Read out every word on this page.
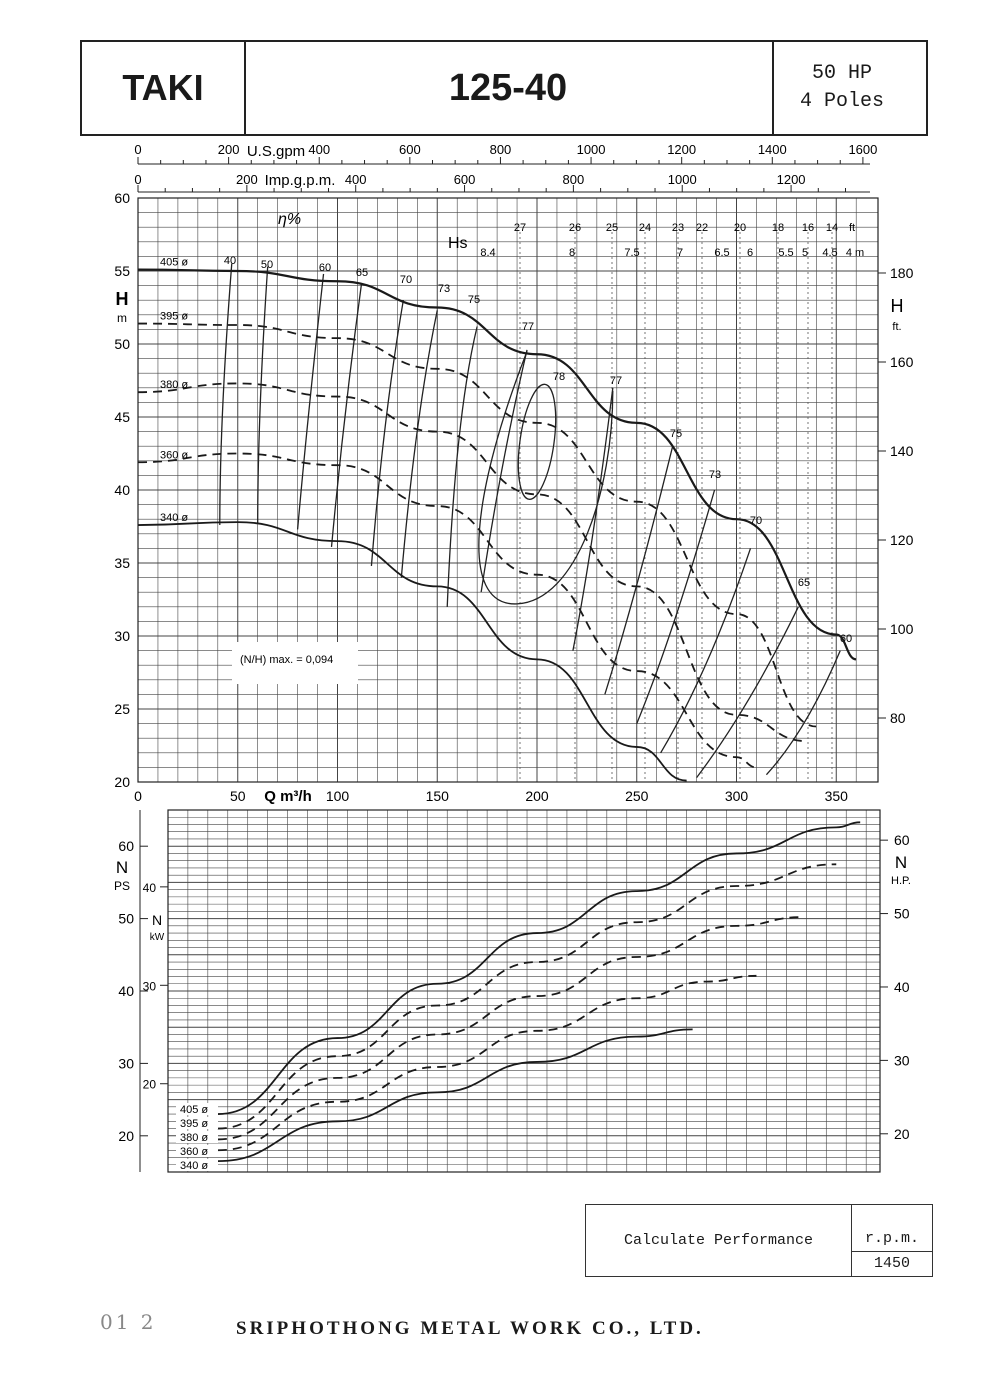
TAKI	125-40	50 HP
4 Poles
20
25
30
35
40
45
50
55
60
80
100
120
140
160
180
H
m
H
ft.
0	50	100	150	200	250	300	350
Q m³/h
0	200	400	600	800	1000	1200	1400	1600
U.S.gpm
0	200	400	600	800	1000	1200
Imp.g.p.m.
η%
Hs
27	26 25 24 23 22 20 18 16 14 ft
8.4	8	7.5	7	6.5 6 5.5 5 4.5 4 m
(N/H) max. = 0,094
40 50	60 65
70
73
75
77
78	77
75
73
70
65
60
405 ø
395 ø
380 ø
360 ø
340 ø
20
30
40
50
60
N
PS
20
30
40
N
kW
20
30
40
50
60
N
H.P.
405 ø
395 ø
380 ø
360 ø
340 ø
Calculate Performance	r.p.m.
1450
01 2	SRIPHOTHONG METAL WORK CO., LTD.
